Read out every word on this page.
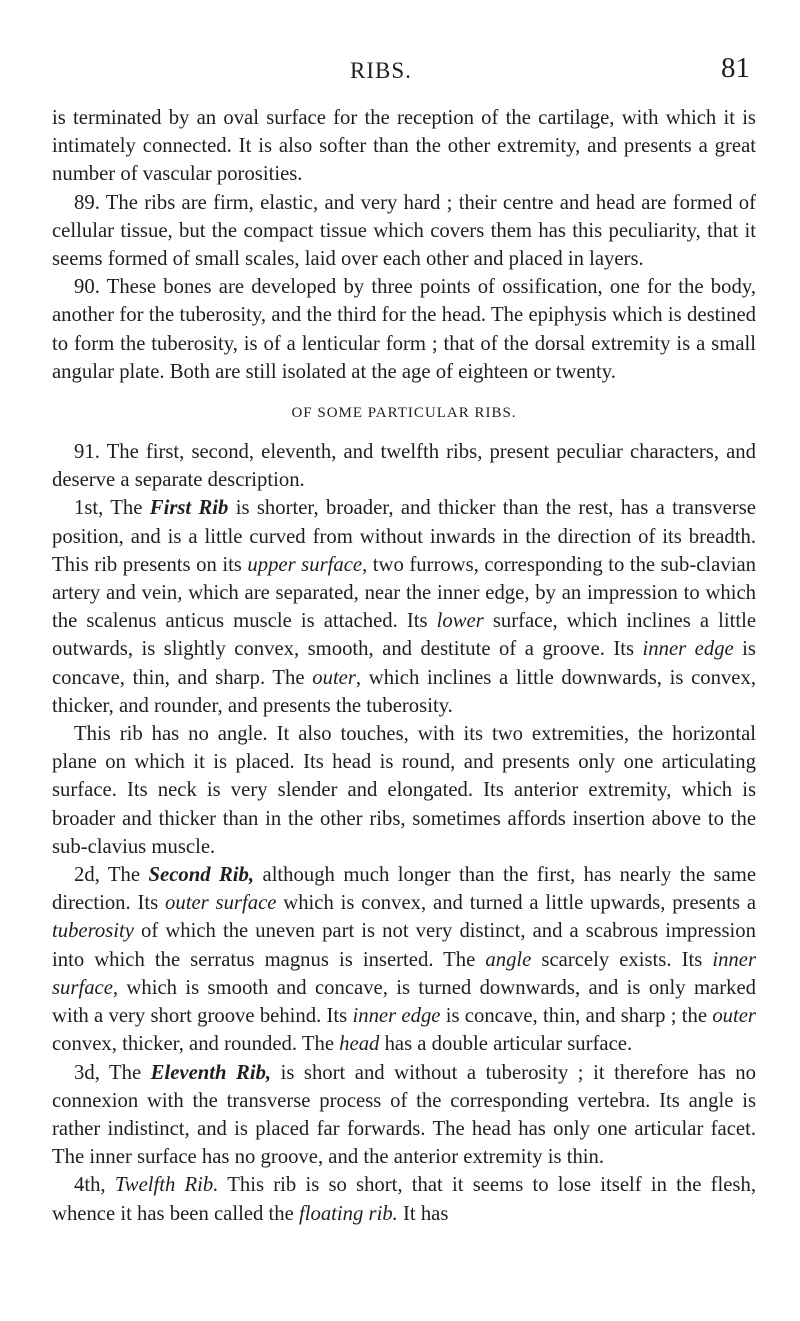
RIBS.	81

is terminated by an oval surface for the reception of the cartilage, with which it is intimately connected. It is also softer than the other extremity, and presents a great number of vascular porosities.

89. The ribs are firm, elastic, and very hard ; their centre and head are formed of cellular tissue, but the compact tissue which covers them has this peculiarity, that it seems formed of small scales, laid over each other and placed in layers.

90. These bones are developed by three points of ossification, one for the body, another for the tuberosity, and the third for the head. The epiphysis which is destined to form the tuberosity, is of a lenticular form ; that of the dorsal extremity is a small angular plate. Both are still isolated at the age of eighteen or twenty.

OF SOME PARTICULAR RIBS.

91. The first, second, eleventh, and twelfth ribs, present peculiar characters, and deserve a separate description.

1st, The First Rib is shorter, broader, and thicker than the rest, has a transverse position, and is a little curved from without inwards in the direction of its breadth. This rib presents on its upper surface, two furrows, corresponding to the sub-clavian artery and vein, which are separated, near the inner edge, by an impression to which the scalenus anticus muscle is attached. Its lower surface, which inclines a little outwards, is slightly convex, smooth, and destitute of a groove. Its inner edge is concave, thin, and sharp. The outer, which inclines a little downwards, is convex, thicker, and rounder, and presents the tuberosity.

This rib has no angle. It also touches, with its two extremities, the horizontal plane on which it is placed. Its head is round, and presents only one articulating surface. Its neck is very slender and elongated. Its anterior extremity, which is broader and thicker than in the other ribs, sometimes affords insertion above to the sub-clavius muscle.

2d, The Second Rib, although much longer than the first, has nearly the same direction. Its outer surface which is convex, and turned a little upwards, presents a tuberosity of which the uneven part is not very distinct, and a scabrous impression into which the serratus magnus is inserted. The angle scarcely exists. Its inner surface, which is smooth and concave, is turned downwards, and is only marked with a very short groove behind. Its inner edge is concave, thin, and sharp ; the outer convex, thicker, and rounded. The head has a double articular surface.

3d, The Eleventh Rib, is short and without a tuberosity ; it therefore has no connexion with the transverse process of the corresponding vertebra. Its angle is rather indistinct, and is placed far forwards. The head has only one articular facet. The inner surface has no groove, and the anterior extremity is thin.

4th, Twelfth Rib. This rib is so short, that it seems to lose itself in the flesh, whence it has been called the floating rib. It has
